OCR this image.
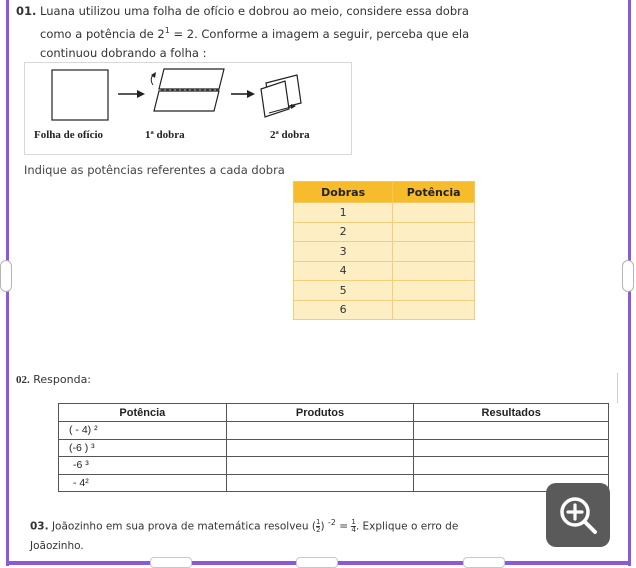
01. Luana utilizou uma folha de ofício e dobrou ao meio, considere essa dobra
como a potência de $2^1 = 2$. Conforme a imagem a seguir, perceba que ela
continuou dobrando a folha :
Folha de ofício	1ª dobra	2ª dobra
Indique as potências referentes a cada dobra
Dobras	Potência
1	
2	
3	
4	
5	
6	
02. Responda:
Potência	Produtos	Resultados
( - 4) ²		
(-6 ) ³		
-6 ³		
- 4²		
03. Joãozinho em sua prova de matemática resolveu ( $\frac{1}{2}$ ) $^{-2} = \frac{1}{4}$ . Explique o erro de
Joãozinho.
